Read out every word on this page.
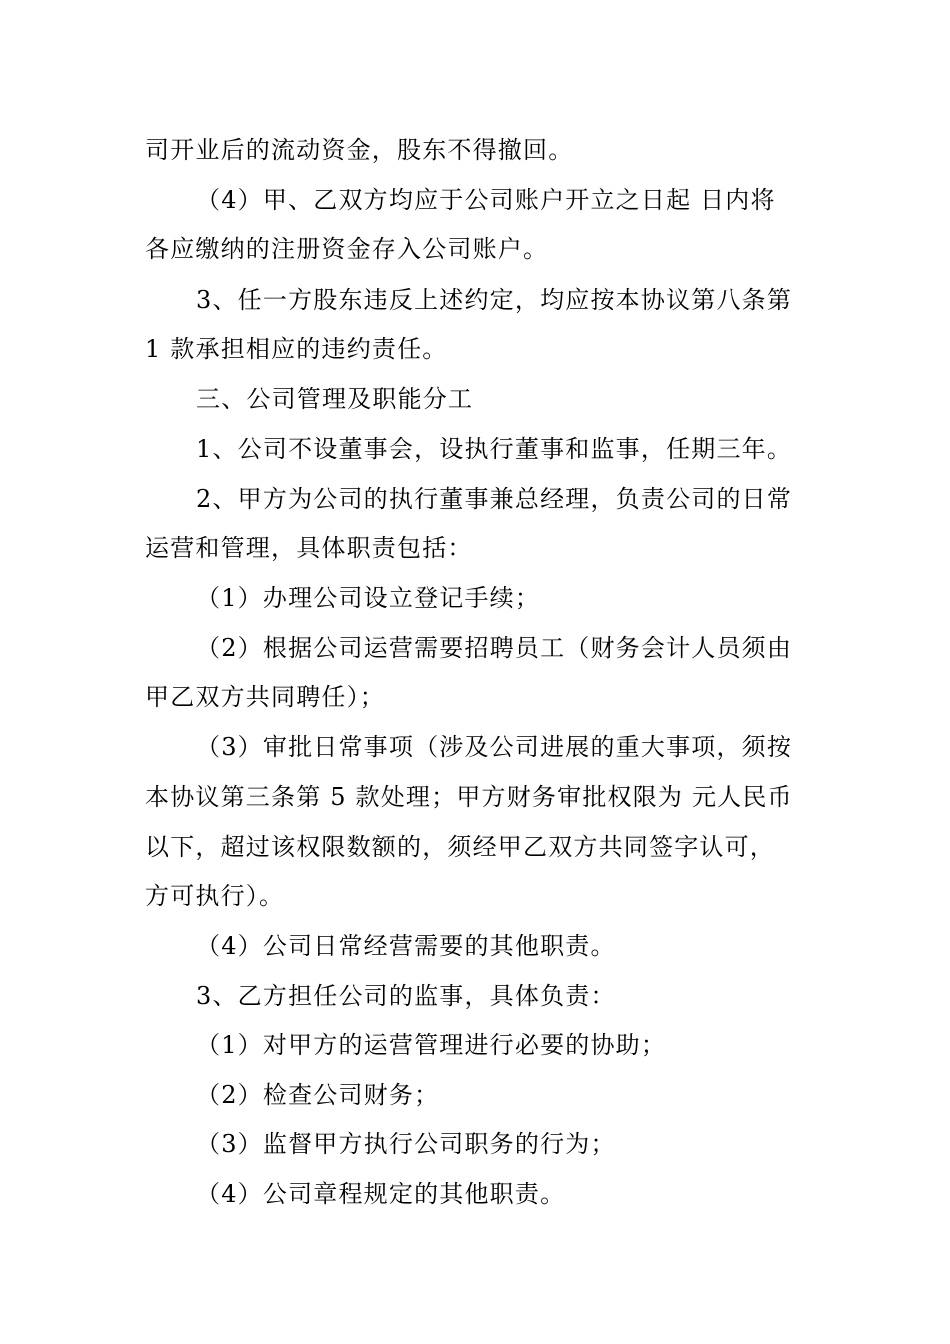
司开业后的流动资金，股东不得撤回。
（4）甲、乙双方均应于公司账户开立之日起 日内将
各应缴纳的注册资金存入公司账户。
3、任一方股东违反上述约定，均应按本协议第八条第
1 款承担相应的违约责任。
三、公司管理及职能分工
1、公司不设董事会，设执行董事和监事，任期三年。
2、甲方为公司的执行董事兼总经理，负责公司的日常
运营和管理，具体职责包括：
（1）办理公司设立登记手续；
（2）根据公司运营需要招聘员工（财务会计人员须由
甲乙双方共同聘任）；
（3）审批日常事项（涉及公司进展的重大事项，须按
本协议第三条第 5 款处理；甲方财务审批权限为 元人民币
以下，超过该权限数额的，须经甲乙双方共同签字认可，
方可执行）。
（4）公司日常经营需要的其他职责。
3、乙方担任公司的监事，具体负责：
（1）对甲方的运营管理进行必要的协助；
（2）检查公司财务；
（3）监督甲方执行公司职务的行为；
（4）公司章程规定的其他职责。
